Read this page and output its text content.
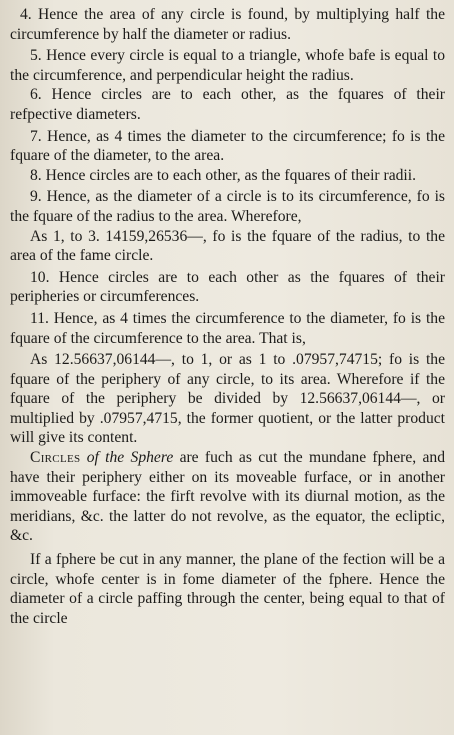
4. Hence the area of any circle is found, by multiplying half the circumference by half the diameter or radius.

5. Hence every circle is equal to a triangle, whofe bafe is equal to the circumference, and perpendicular height the radius.

6. Hence circles are to each other, as the fquares of their refpective diameters.

7. Hence, as 4 times the diameter to the circumference; fo is the fquare of the diameter, to the area.

8. Hence circles are to each other, as the fquares of their radii.

9. Hence, as the diameter of a circle is to its circumference, fo is the fquare of the radius to the area. Wherefore,

As 1, to 3. 14159,26536—, fo is the fquare of the radius, to the area of the fame circle.

10. Hence circles are to each other as the fquares of their peripheries or circumferences.

11. Hence, as 4 times the circumference to the diameter, fo is the fquare of the circumference to the area. That is,

As 12.56637,06144—, to 1, or as 1 to .07957,74715; fo is the fquare of the periphery of any circle, to its area. Wherefore if the fquare of the periphery be divided by 12.56637,06144—, or multiplied by .07957,4715, the former quotient, or the latter product will give its content.

Circles of the Sphere are fuch as cut the mundane fphere, and have their periphery either on its moveable furface, or in another immoveable furface: the firft revolve with its diurnal motion, as the meridians, &c. the latter do not revolve, as the equator, the ecliptic, &c.

If a fphere be cut in any manner, the plane of the fection will be a circle, whofe center is in fome diameter of the fphere. Hence the diameter of a circle paffing through the center, being equal to that of the circle
